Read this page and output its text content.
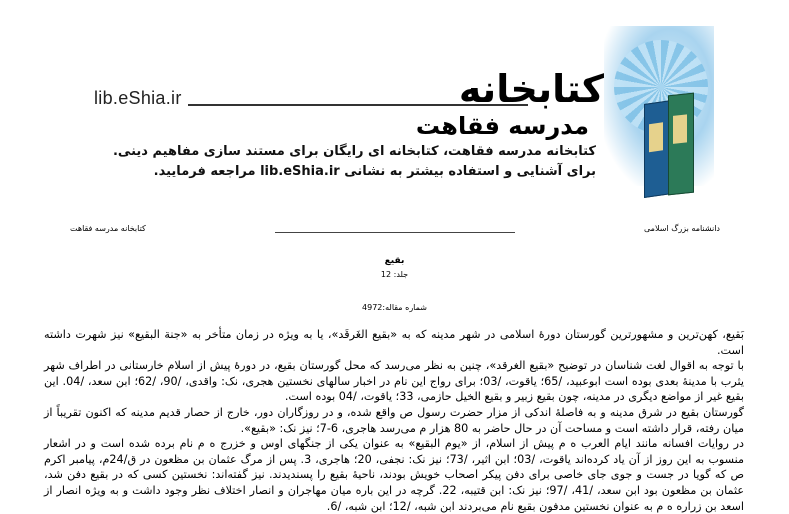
lib.eShia.ir	کتابخانه
مدرسه فقاهت
کتابخانه مدرسه فقاهت، کتابخانه ای رایگان برای مستند سازی مفاهیم دینی.
برای آشنایی و استفاده بیشتر به نشانی lib.eShia.ir مراجعه فرمایید.
کتابخانه مدرسه فقاهت	دانشنامه بزرگ اسلامی
بقیع
جلد: 12
شماره مقاله:4972

بَقیع، کهن‌ترین و مشهورترین گورستان دورۀ اسلامی در شهر مدینه که به «بقیع الغَرقَد»، یا به ویژه در زمان متأخر به «جنة البقیع» نیز شهرت داشته است.

با توجه به اقوال لغت شناسان در توضیح «بقیع الغرقد»، چنین به نظر می‌رسد که محل گورستان بقیع، در دورۀ پیش از اسلام خارستانی در اطراف شهر یثرب با مدینۀ بعدی بوده است ابوعبید، /65؛ یاقوت، /03؛ برای رواج این نام در اخبار سالهای نخستین هجری، نک: واقدی، /90، /62؛ ابن سعد، /04. این بقیع غیر از مواضع دیگری در مدینه، چون بقیع زبیر و بقیع الخیل حازمی، 33؛ یاقوت، /04 بوده است.

گورستان بقیع در شرق مدینه و به فاصلۀ اندکی از مزار حضرت رسول ص واقع شده، و در روزگاران دور، خارج از حصار قدیم مدینه که اکنون تقریباً از میان رفته، قرار داشته است و مساحت آن در حال حاضر به 80 هزار م می‌رسد هاجری، 6-7؛ نیز نک: «بقیع».

در روایات افسانه مانند ایام العرب ه م پیش از اسلام، از «یوم البقیع» به عنوان یکی از جنگهای اوس و خزرج ه م نام برده شده است و در اشعار منسوب به این روز از آن یاد کرده‌اند یاقوت، /03؛ ابن اثیر، /73؛ نیز نک: نجفی، 20؛ هاجری، 3. پس از مرگ عثمان بن مظعون در ق/24م، پیامبر اکرم ص که گویا در جست و جوی جای خاصی برای دفن پیکر اصحاب خویش بودند، ناحیۀ بقیع را پسندیدند. نیز گفته‌اند: نخستین کسی که در بقیع دفن شد، عثمان بن مظعون بود ابن سعد، /41، /97؛ نیز نک: ابن قتیبه، 22. گرچه در این باره میان مهاجران و انصار اختلاف نظر وجود داشت و به ویژه انصار از اسعد بن زراره ه م به عنوان نخستین مدفون بقیع نام می‌بردند ابن شبه، /12؛ ابن شبه، /6.
